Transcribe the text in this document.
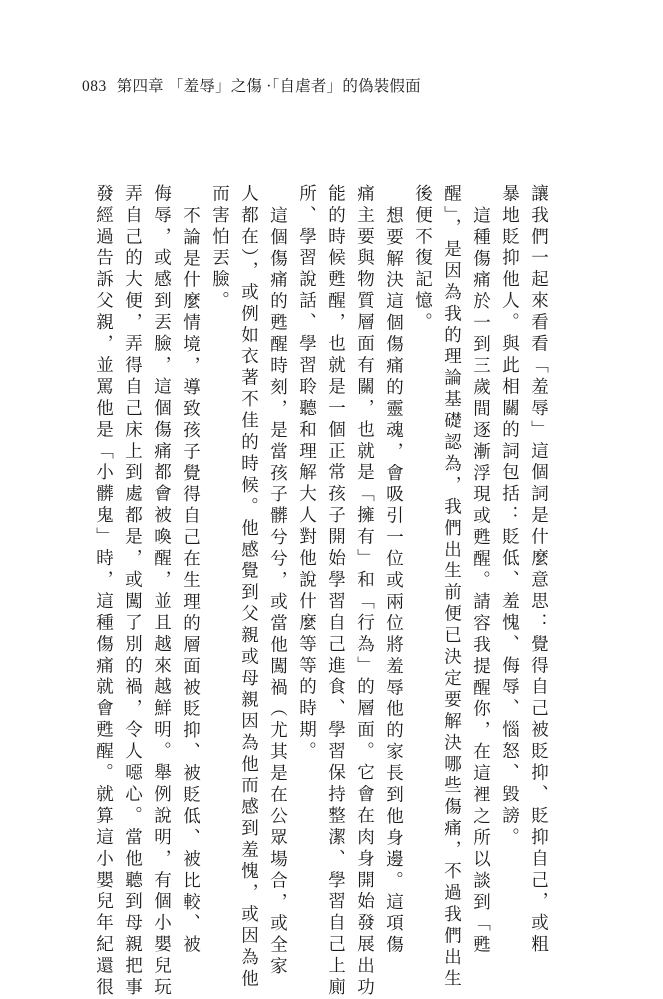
083 第四章 「羞辱」之傷 ·「自虐者」的偽裝假面
讓我們一起來看看「羞辱」這個詞是什麼意思：覺得自己被貶抑、貶抑自己，或粗
暴地貶抑他人。與此相關的詞包括：貶低、羞愧、侮辱、惱怒、毀謗。
這種傷痛於一到三歲間逐漸浮現或甦醒。請容我提醒你，在這裡之所以談到「甦
醒」，是因為我的理論基礎認為，我們出生前便已決定要解決哪些傷痛，不過我們出生
後便不復記憶。
想要解決這個傷痛的靈魂，會吸引一位或兩位將羞辱他的家長到他身邊。這項傷
痛主要與物質層面有關，也就是「擁有」和「行為」的層面。它會在肉身開始發展出功
能的時候甦醒，也就是一個正常孩子開始學習自己進食、學習保持整潔、學習自己上廁
所、學習說話、學習聆聽和理解大人對他說什麼等等的時期。
這個傷痛的甦醒時刻，是當孩子髒兮兮，或當他闖禍（尤其是在公眾場合，或全家
人都在），或例如衣著不佳的時候。他感覺到父親或母親因為他而感到羞愧，或因為他
而害怕丟臉。
不論是什麼情境，導致孩子覺得自己在生理的層面被貶抑、被貶低、被比較、被
侮辱，或感到丟臉，這個傷痛都會被喚醒，並且越來越鮮明。舉例說明，有個小嬰兒玩
弄自己的大便，弄得自己床上到處都是，或闖了別的禍，令人噁心。當他聽到母親把事
發經過告訴父親，並罵他是「小髒鬼」時，這種傷痛就會甦醒。就算這小嬰兒年紀還很
